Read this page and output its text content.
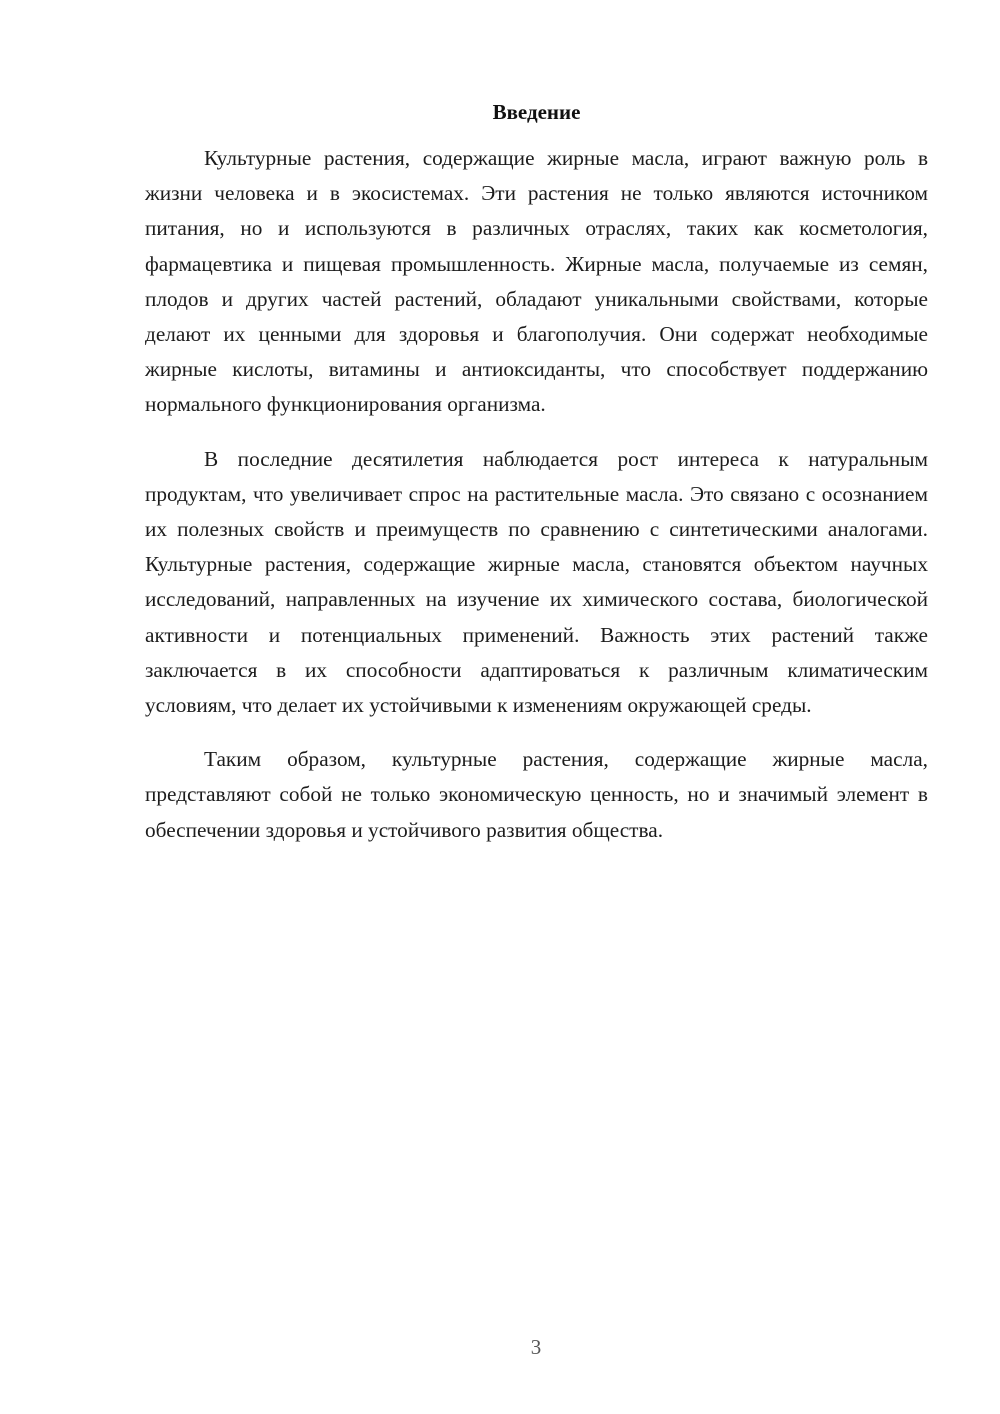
Введение

Культурные растения, содержащие жирные масла, играют важную роль в жизни человека и в экосистемах. Эти растения не только являются источником питания, но и используются в различных отраслях, таких как косметология, фармацевтика и пищевая промышленность. Жирные масла, получаемые из семян, плодов и других частей растений, обладают уникальными свойствами, которые делают их ценными для здоровья и благополучия. Они содержат необходимые жирные кислоты, витамины и антиоксиданты, что способствует поддержанию нормального функционирования организма.

В последние десятилетия наблюдается рост интереса к натуральным продуктам, что увеличивает спрос на растительные масла. Это связано с осознанием их полезных свойств и преимуществ по сравнению с синтетическими аналогами. Культурные растения, содержащие жирные масла, становятся объектом научных исследований, направленных на изучение их химического состава, биологической активности и потенциальных применений. Важность этих растений также заключается в их способности адаптироваться к различным климатическим условиям, что делает их устойчивыми к изменениям окружающей среды.

Таким образом, культурные растения, содержащие жирные масла, представляют собой не только экономическую ценность, но и значимый элемент в обеспечении здоровья и устойчивого развития общества.

3
